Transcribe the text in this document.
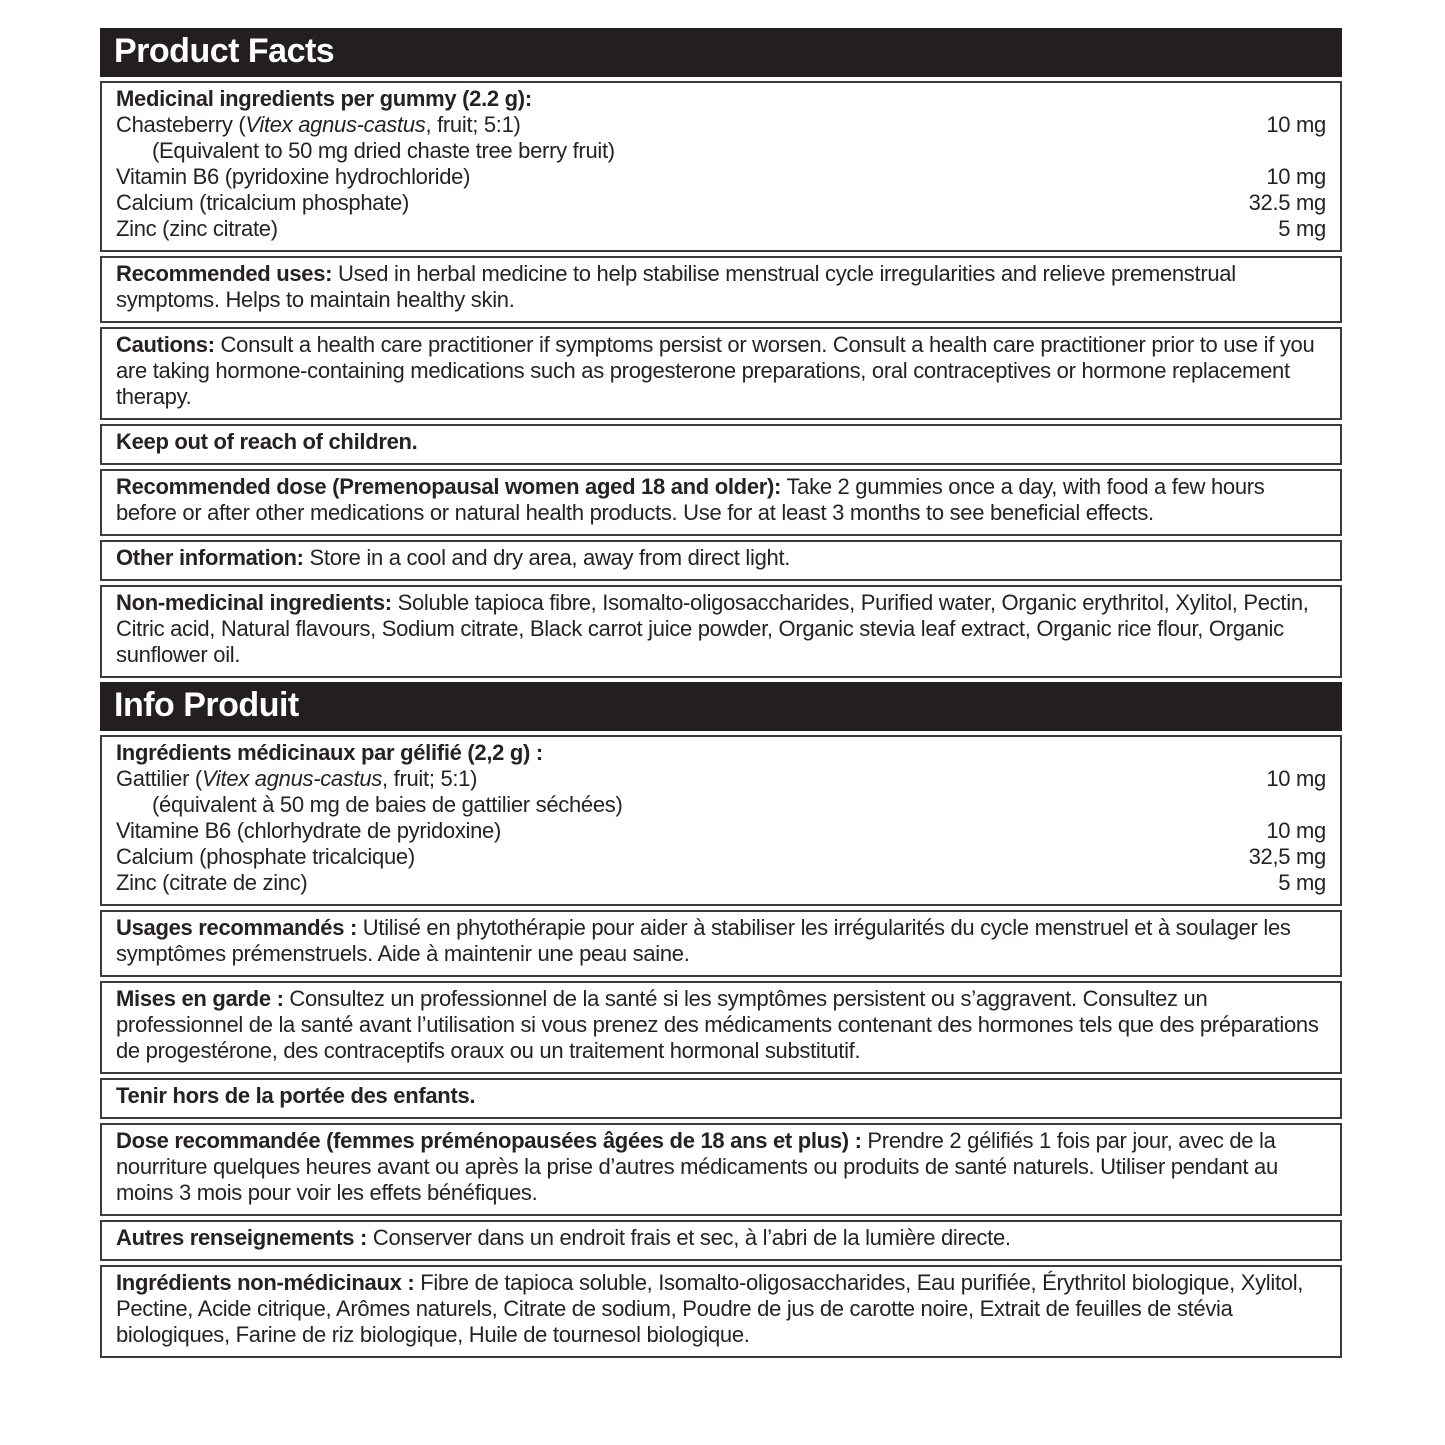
Product Facts

Medicinal ingredients per gummy (2.2 g):

Chasteberry (Vitex agnus-castus, fruit; 5:1)	10 mg
(Equivalent to 50 mg dried chaste tree berry fruit)
Vitamin B6 (pyridoxine hydrochloride)	10 mg
Calcium (tricalcium phosphate)	32.5 mg
Zinc (zinc citrate)	5 mg

Recommended uses: Used in herbal medicine to help stabilise menstrual cycle irregularities and relieve premenstrual symptoms. Helps to maintain healthy skin.

Cautions: Consult a health care practitioner if symptoms persist or worsen. Consult a health care practitioner prior to use if you are taking hormone-containing medications such as progesterone preparations, oral contraceptives or hormone replacement therapy.

Keep out of reach of children.

Recommended dose (Premenopausal women aged 18 and older): Take 2 gummies once a day, with food a few hours before or after other medications or natural health products. Use for at least 3 months to see beneficial effects.

Other information: Store in a cool and dry area, away from direct light.

Non-medicinal ingredients: Soluble tapioca fibre, Isomalto-oligosaccharides, Purified water, Organic erythritol, Xylitol, Pectin, Citric acid, Natural flavours, Sodium citrate, Black carrot juice powder, Organic stevia leaf extract, Organic rice flour, Organic sunflower oil.

Info Produit

Ingrédients médicinaux par gélifié (2,2 g) :

Gattilier (Vitex agnus-castus, fruit; 5:1)	10 mg
(équivalent à 50 mg de baies de gattilier séchées)
Vitamine B6 (chlorhydrate de pyridoxine)	10 mg
Calcium (phosphate tricalcique)	32,5 mg
Zinc (citrate de zinc)	5 mg

Usages recommandés : Utilisé en phytothérapie pour aider à stabiliser les irrégularités du cycle menstruel et à soulager les symptômes prémenstruels. Aide à maintenir une peau saine.

Mises en garde : Consultez un professionnel de la santé si les symptômes persistent ou s’aggravent. Consultez un professionnel de la santé avant l’utilisation si vous prenez des médicaments contenant des hormones tels que des préparations de progestérone, des contraceptifs oraux ou un traitement hormonal substitutif.

Tenir hors de la portée des enfants.

Dose recommandée (femmes préménopausées âgées de 18 ans et plus) : Prendre 2 gélifiés 1 fois par jour, avec de la nourriture quelques heures avant ou après la prise d’autres médicaments ou produits de santé naturels. Utiliser pendant au moins 3 mois pour voir les effets bénéfiques.

Autres renseignements : Conserver dans un endroit frais et sec, à l’abri de la lumière directe.

Ingrédients non-médicinaux : Fibre de tapioca soluble, Isomalto-oligosaccharides, Eau purifiée, Érythritol biologique, Xylitol, Pectine, Acide citrique, Arômes naturels, Citrate de sodium, Poudre de jus de carotte noire, Extrait de feuilles de stévia biologiques, Farine de riz biologique, Huile de tournesol biologique.
